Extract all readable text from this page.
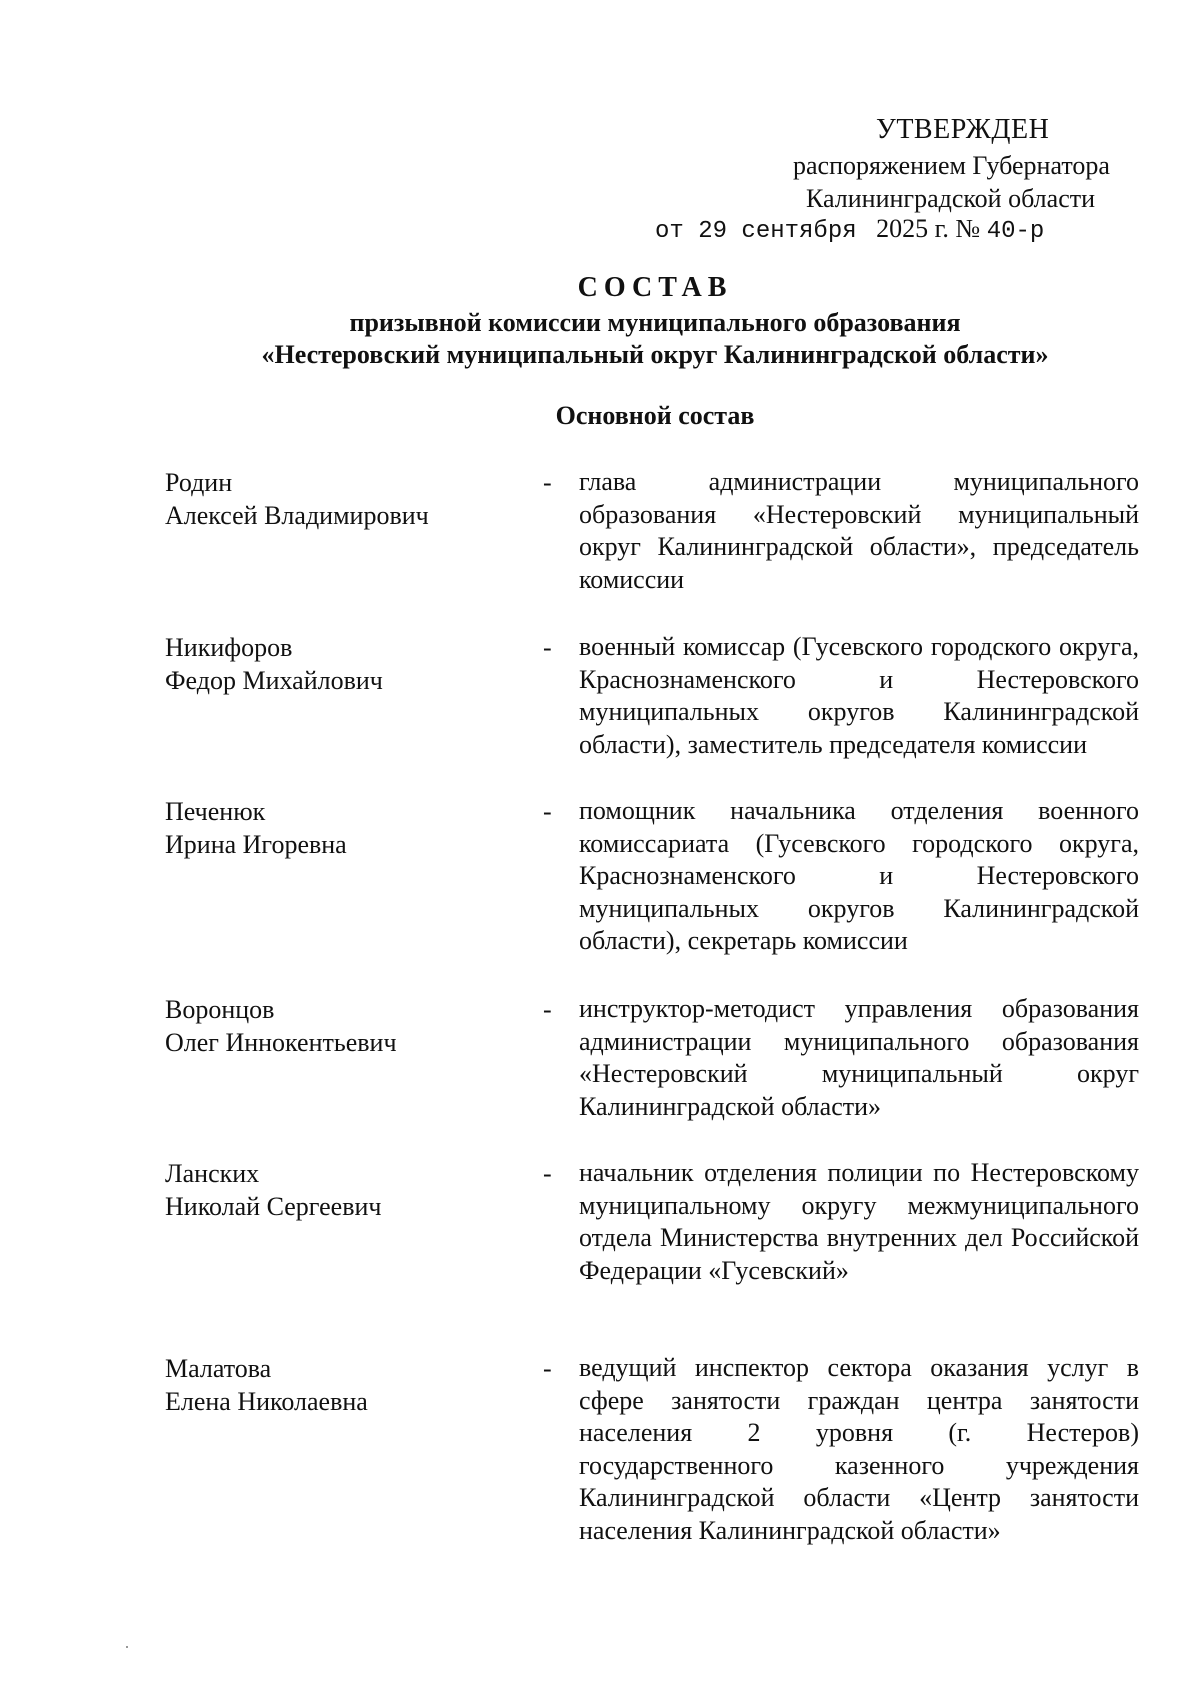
УТВЕРЖДЕН
распоряжением Губернатора
Калининградской области
от 29 сентября 2025 г. № 40-р
СОСТАВ
призывной комиссии муниципального образования
«Нестеровский муниципальный округ Калининградской области»
Основной состав
Родин
Алексей Владимирович
- глава администрации муниципального образования «Нестеровский муниципальный округ Калининградской области», председатель комиссии
Никифоров
Федор Михайлович
- военный комиссар (Гусевского городского округа, Краснознаменского и Нестеровского муниципальных округов Калининградской области), заместитель председателя комиссии
Печенюк
Ирина Игоревна
- помощник начальника отделения военного комиссариата (Гусевского городского округа, Краснознаменского и Нестеровского муниципальных округов Калининградской области), секретарь комиссии
Воронцов
Олег Иннокентьевич
- инструктор-методист управления образования администрации муниципального образования «Нестеровский муниципальный округ Калининградской области»
Ланских
Николай Сергеевич
- начальник отделения полиции по Нестеровскому муниципальному округу межмуниципального отдела Министерства внутренних дел Российской Федерации «Гусевский»
Малатова
Елена Николаевна
- ведущий инспектор сектора оказания услуг в сфере занятости граждан центра занятости населения 2 уровня (г. Нестеров) государственного казенного учреждения Калининградской области «Центр занятости населения Калининградской области»
